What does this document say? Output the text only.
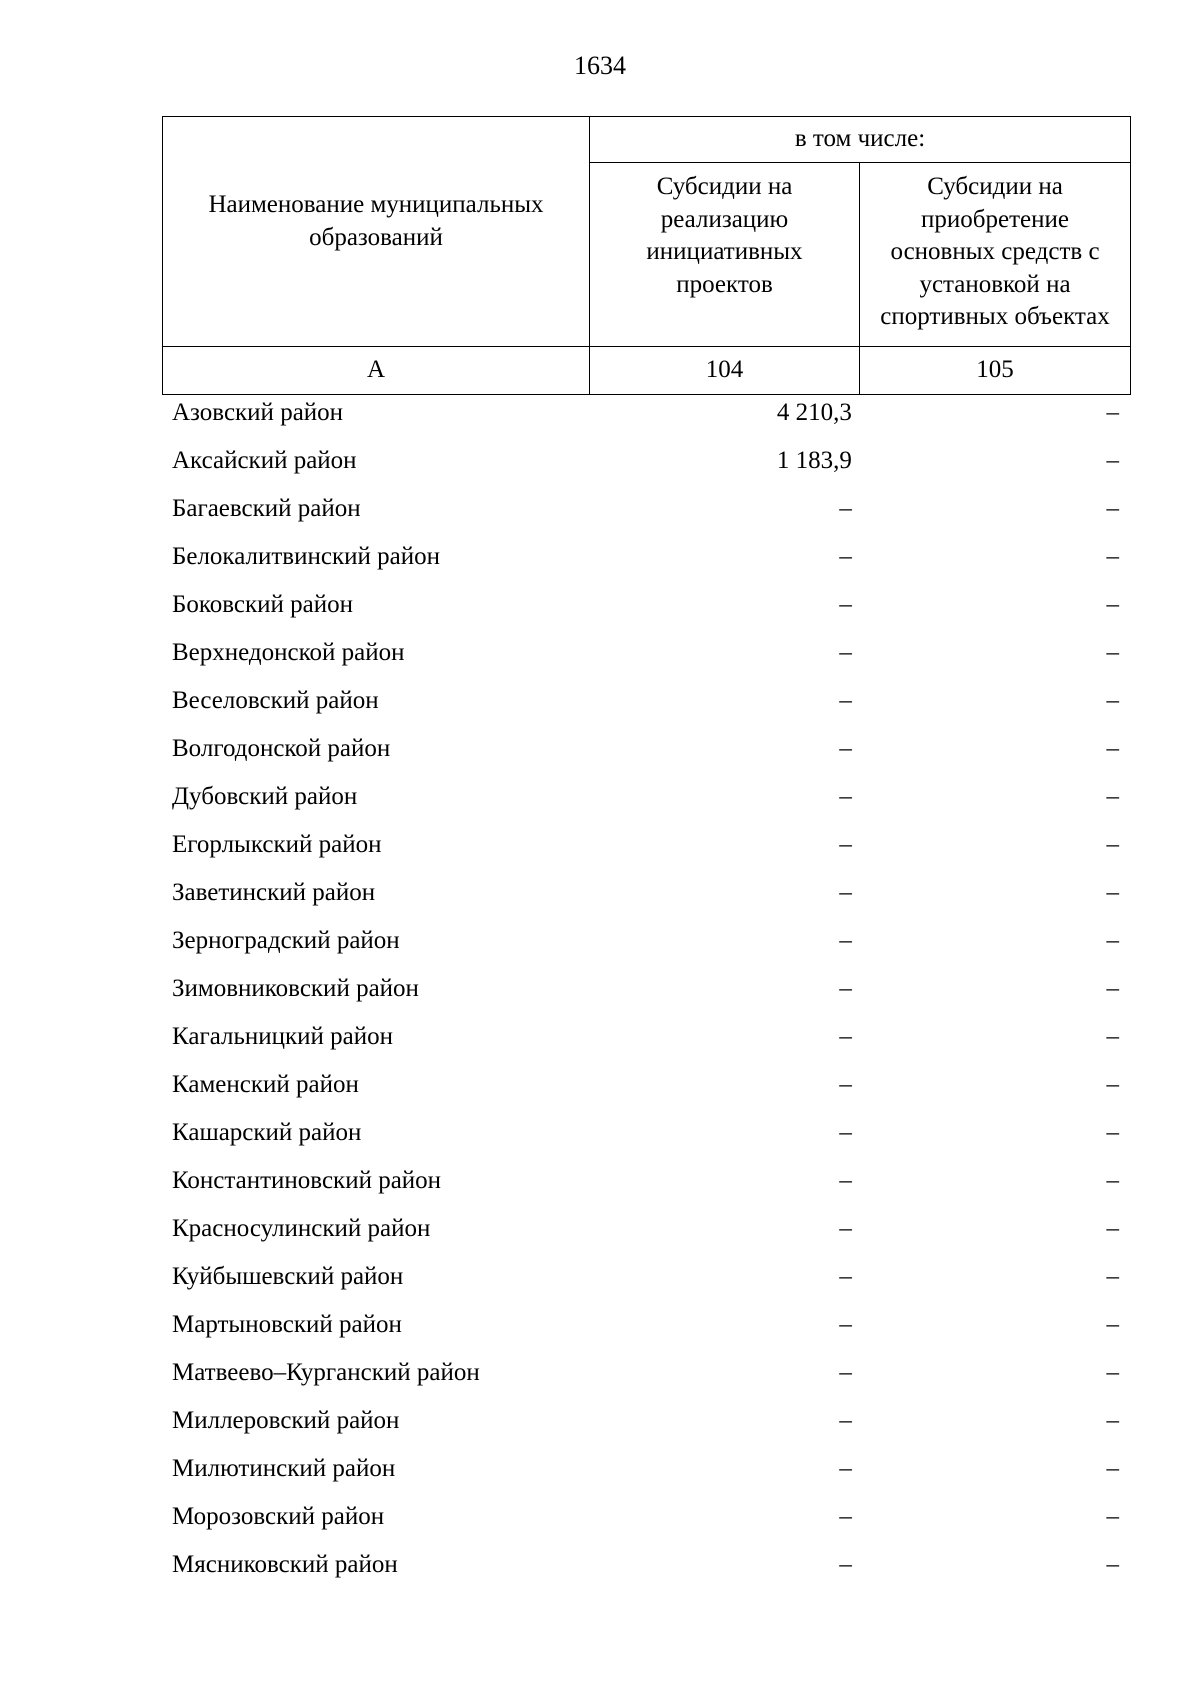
1634
Наименование муниципальных образований	в том числе:	
	Субсидии на реализацию инициативных проектов	Субсидии на приобретение основных средств с установкой на спортивных объектах
А	104	105
Азовский район	4 210,3	–
Аксайский район	1 183,9	–
Багаевский район	–	–
Белокалитвинский район	–	–
Боковский район	–	–
Верхнедонской район	–	–
Веселовский район	–	–
Волгодонской район	–	–
Дубовский район	–	–
Егорлыкский район	–	–
Заветинский район	–	–
Зерноградский район	–	–
Зимовниковский район	–	–
Кагальницкий район	–	–
Каменский район	–	–
Кашарский район	–	–
Константиновский район	–	–
Красносулинский район	–	–
Куйбышевский район	–	–
Мартыновский район	–	–
Матвеево–Курганский район	–	–
Миллеровский район	–	–
Милютинский район	–	–
Морозовский район	–	–
Мясниковский район	–	–
